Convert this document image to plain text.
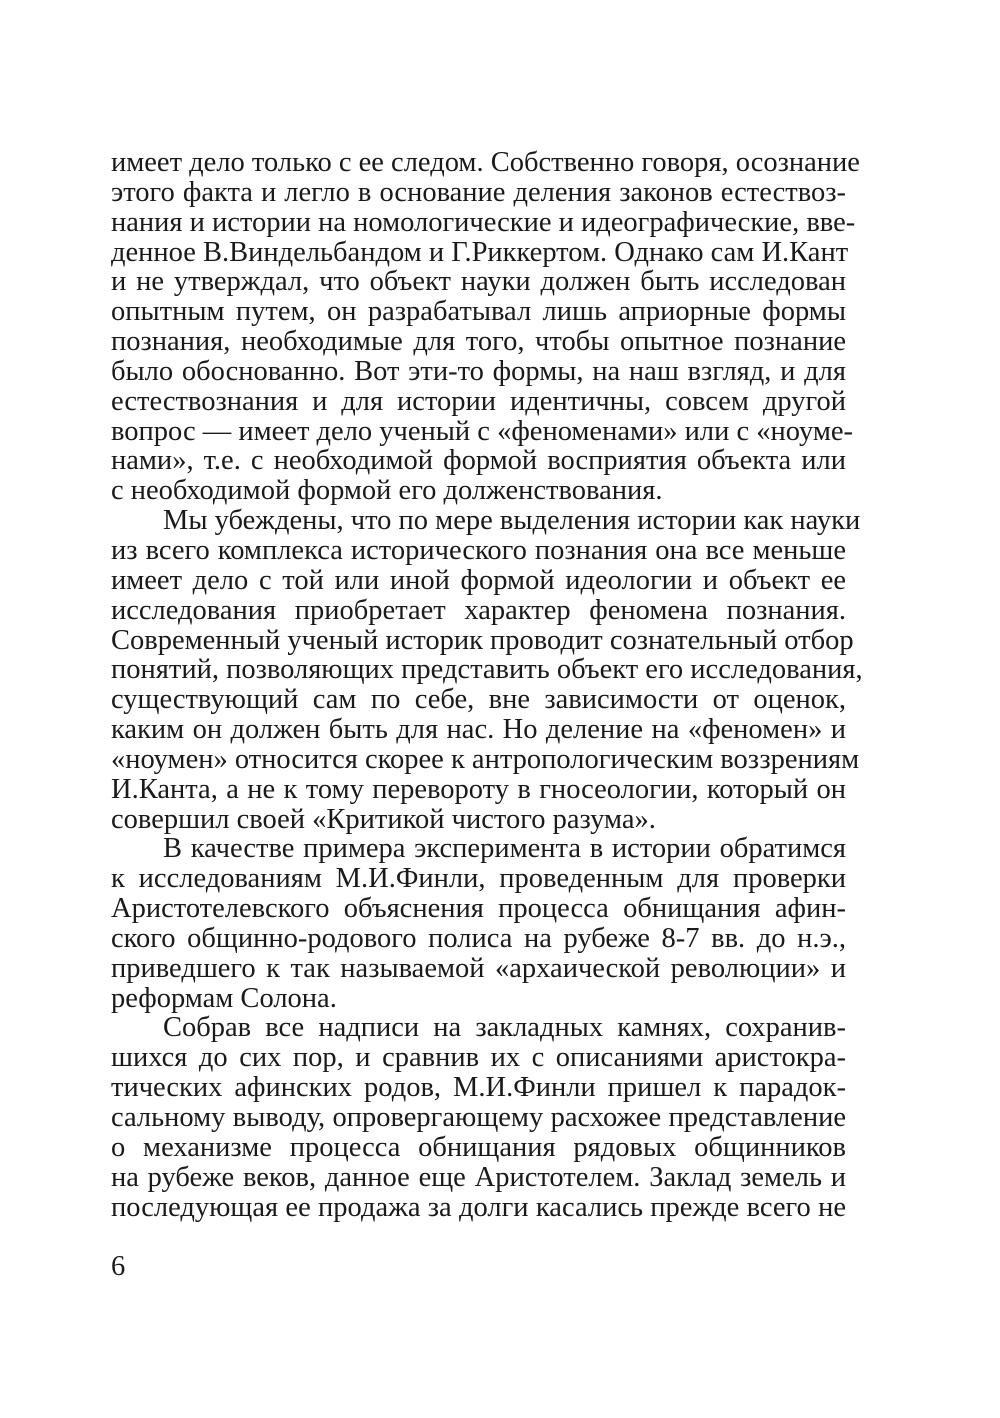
имеет дело только с ее следом. Собственно говоря, осознание
этого факта и легло в основание деления законов естествоз-
нания и истории на номологические и идеографические, вве-
денное В.Виндельбандом и Г.Риккертом. Однако сам И.Кант
и не утверждал, что объект науки должен быть исследован
опытным путем, он разрабатывал лишь априорные формы
познания, необходимые для того, чтобы опытное познание
было обоснованно. Вот эти-то формы, на наш взгляд, и для
естествознания и для истории идентичны, совсем другой
вопрос — имеет дело ученый с «феноменами» или с «ноуме-
нами», т.е. с необходимой формой восприятия объекта или
с необходимой формой его долженствования.
Мы убеждены, что по мере выделения истории как науки
из всего комплекса исторического познания она все меньше
имеет дело с той или иной формой идеологии и объект ее
исследования приобретает характер феномена познания.
Современный ученый историк проводит сознательный отбор
понятий, позволяющих представить объект его исследования,
существующий сам по себе, вне зависимости от оценок,
каким он должен быть для нас. Но деление на «феномен» и
«ноумен» относится скорее к антропологическим воззрениям
И.Канта, а не к тому перевороту в гносеологии, который он
совершил своей «Критикой чистого разума».
В качестве примера эксперимента в истории обратимся
к исследованиям М.И.Финли, проведенным для проверки
Аристотелевского объяснения процесса обнищания афин-
ского общинно-родового полиса на рубеже 8-7 вв. до н.э.,
приведшего к так называемой «архаической революции» и
реформам Солона.
Собрав все надписи на закладных камнях, сохранив-
шихся до сих пор, и сравнив их с описаниями аристокра-
тических афинских родов, М.И.Финли пришел к парадок-
сальному выводу, опровергающему расхожее представление
о механизме процесса обнищания рядовых общинников
на рубеже веков, данное еще Аристотелем. Заклад земель и
последующая ее продажа за долги касались прежде всего не
6
